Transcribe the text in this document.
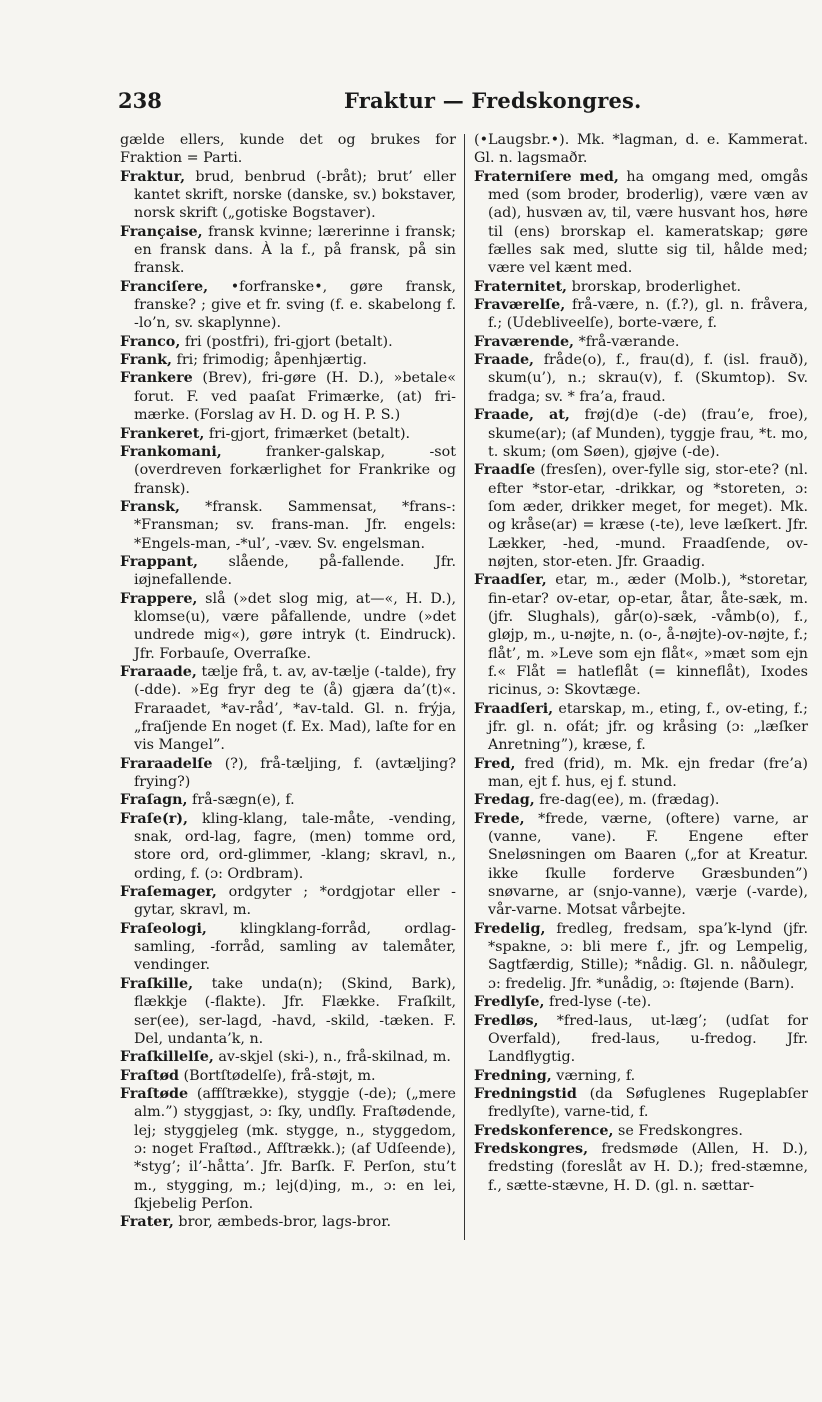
238	Fraktur — Fredskongres.

gælde ellers, kunde det og brukes for Fraktion = Parti.

Fraktur, brud, benbrud (-bråt); brut’ eller kantet skrift, norske (danske, sv.) bokstaver, norsk skrift („gotiske Bogstaver).

Franҫaise, fransk kvinne; lærerinne i fransk; en fransk dans. À la f., på fransk, på sin fransk.

Franciſere, •forfranske•, gøre fransk, franske? ; give et fr. sving (f. e. skabelong f. -lo’n, sv. skaplynne).

Franco, fri (postfri), fri-gjort (betalt).

Frank, fri; frimodig; åpenhjærtig.

Frankere (Brev), fri-gøre (H. D.), »betale« forut. F. ved paaſat Frimærke, (at) fri-mærke. (Forslag av H. D. og H. P. S.)

Frankeret, fri-gjort, frimærket (betalt).

Frankomani, franker-galskap, -sot (overdreven forkærlighet for Frankrike og fransk).

Fransk, *fransk. Sammensat, *frans-: *Fransman; sv. frans-man. Jfr. engels: *Engels-man, -*ul’, -væv. Sv. engelsman.

Frappant, slående, på-fallende. Jfr. iøjnefallende.

Frappere, slå (»det slog mig, at—«, H. D.), klomse(u), være påfallende, undre (»det undrede mig«), gøre intryk (t. Eindruck). Jfr. Forbauſe, Overraſke.

Fraraade, tælje frå, t. av, av-tælje (-talde), fry (-dde). »Eg fryr deg te (å) gjæra da’(t)«. Fraraadet, *av-råd’, *av-tald. Gl. n. frýja, „fraſjende En noget (f. Ex. Mad), laſte for en vis Mangel”.

Fraraadelſe (?), frå-tæljing, f. (avtæljing? frying?)

Fraſagn, frå-sægn(e), f.

Fraſe(r), kling-klang, tale-måte, -vending, snak, ord-lag, fagre, (men) tomme ord, store ord, ord-glimmer, -klang; skravl, n., ording, f. (ɔ: Ordbram).

Fraſemager, ordgyter ; *ordgjotar eller -gytar, skravl, m.

Fraſeologi, klingklang-forråd, ordlag-samling, -forråd, samling av talemåter, vendinger.

Fraſkille, take unda(n); (Skind, Bark), flækkje (-flakte). Jfr. Flække. Fraſkilt, ser(ee), ser-lagd, -havd, -skild, -tæken. F. Del, undanta’k, n.

Fraſkillelſe, av-skjel (ski-), n., frå-skilnad, m.

Fraſtød (Bortſtødelſe), frå-støjt, m.

Fraſtøde (affſtrække), styggje (-de); („mere alm.”) styggjast, ɔ: ſky, undſly. Fraſtødende, lej; styggjeleg (mk. stygge, n., styggedom, ɔ: noget Fraſtød., Afſtrækk.); (af Udſeende), *styg’; il’-håtta’. Jfr. Barſk. F. Perſon, stu’t m., stygging, m.; lej(d)ing, m., ɔ: en lei, ſkjebelig Perſon.

Frater, bror, æmbeds-bror, lags-bror.

(•Laugsbr.•). Mk. *lagman, d. e. Kammerat. Gl. n. lagsmaðr.

Fraterniſere med, ha omgang med, omgås med (som broder, broderlig), være væn av (ad), husvæn av, til, være husvant hos, høre til (ens) brorskap el. kameratskap; gøre fælles sak med, slutte sig til, hålde med; være vel kænt med.

Fraternitet, brorskap, broderlighet.

Fraværelſe, frå-være, n. (f.?), gl. n. fråvera, f.; (Udebliveelſe), borte-være, f.

Fraværende, *frå-værande.

Fraade, fråde(o), f., frau(d), f. (isl. frauð), skum(u’), n.; skrau(v), f. (Skumtop). Sv. fradga; sv. * fra’a, fraud.

Fraade, at, frøj(d)e (-de) (frau’e, froe), skume(ar); (af Munden), tyggje frau, *t. mo, t. skum; (om Søen), gjøjve (-de).

Fraadſe (fresſen), over-fylle sig, stor-ete? (nl. efter *stor-etar, -drikkar, og *storeten, ɔ: ſom æder, drikker meget, for meget). Mk. og kråse(ar) = kræse (-te), leve læſkert. Jfr. Lækker, -hed, -mund. Fraadſende, ov-nøjten, stor-eten. Jfr. Graadig.

Fraadſer, etar, m., æder (Molb.), *storetar, fin-etar? ov-etar, op-etar, åtar, åte-sæk, m. (jfr. Slughals), går(o)-sæk, -våmb(o), f., gløjp, m., u-nøjte, n. (o-, å-nøjte)-ov-nøjte, f.; flåt’, m. »Leve som ejn flåt«, »mæt som ejn f.« Flåt = hatleflåt (= kinneflåt), Ixodes ricinus, ɔ: Skovtæge.

Fraadſeri, etarskap, m., eting, f., ov-eting, f.; jfr. gl. n. ofát; jfr. og kråsing (ɔ: „læſker Anretning”), kræse, f.

Fred, fred (frid), m. Mk. ejn fredar (fre’a) man, ejt f. hus, ej f. stund.

Fredag, fre-dag(ee), m. (frædag).

Frede, *frede, værne, (oftere) varne, ar (vanne, vane). F. Engene efter Sneløsningen om Baaren („for at Kreatur. ikke ſkulle forderve Græsbunden”) snøvarne, ar (snjo-vanne), værje (-varde), vår-varne. Motsat vårbejte.

Fredelig, fredleg, fredsam, spa’k-lynd (jfr. *spakne, ɔ: bli mere f., jfr. og Lempelig, Sagtfærdig, Stille); *nådig. Gl. n. nåðulegr, ɔ: fredelig. Jfr. *unådig, ɔ: ſtøjende (Barn).

Fredlyſe, fred-lyse (-te).

Fredløs, *fred-laus, ut-læg’; (udſat for Overfald), fred-laus, u-fredog. Jfr. Landflygtig.

Fredning, værning, f.

Fredningstid (da Søfuglenes Rugeplabſer fredlyſte), varne-tid, f.

Fredskonference, se Fredskongres.

Fredskongres, fredsmøde (Allen, H. D.), fredsting (foreslåt av H. D.); fred-stæmne, f., sætte-stævne, H. D. (gl. n. sættar-
